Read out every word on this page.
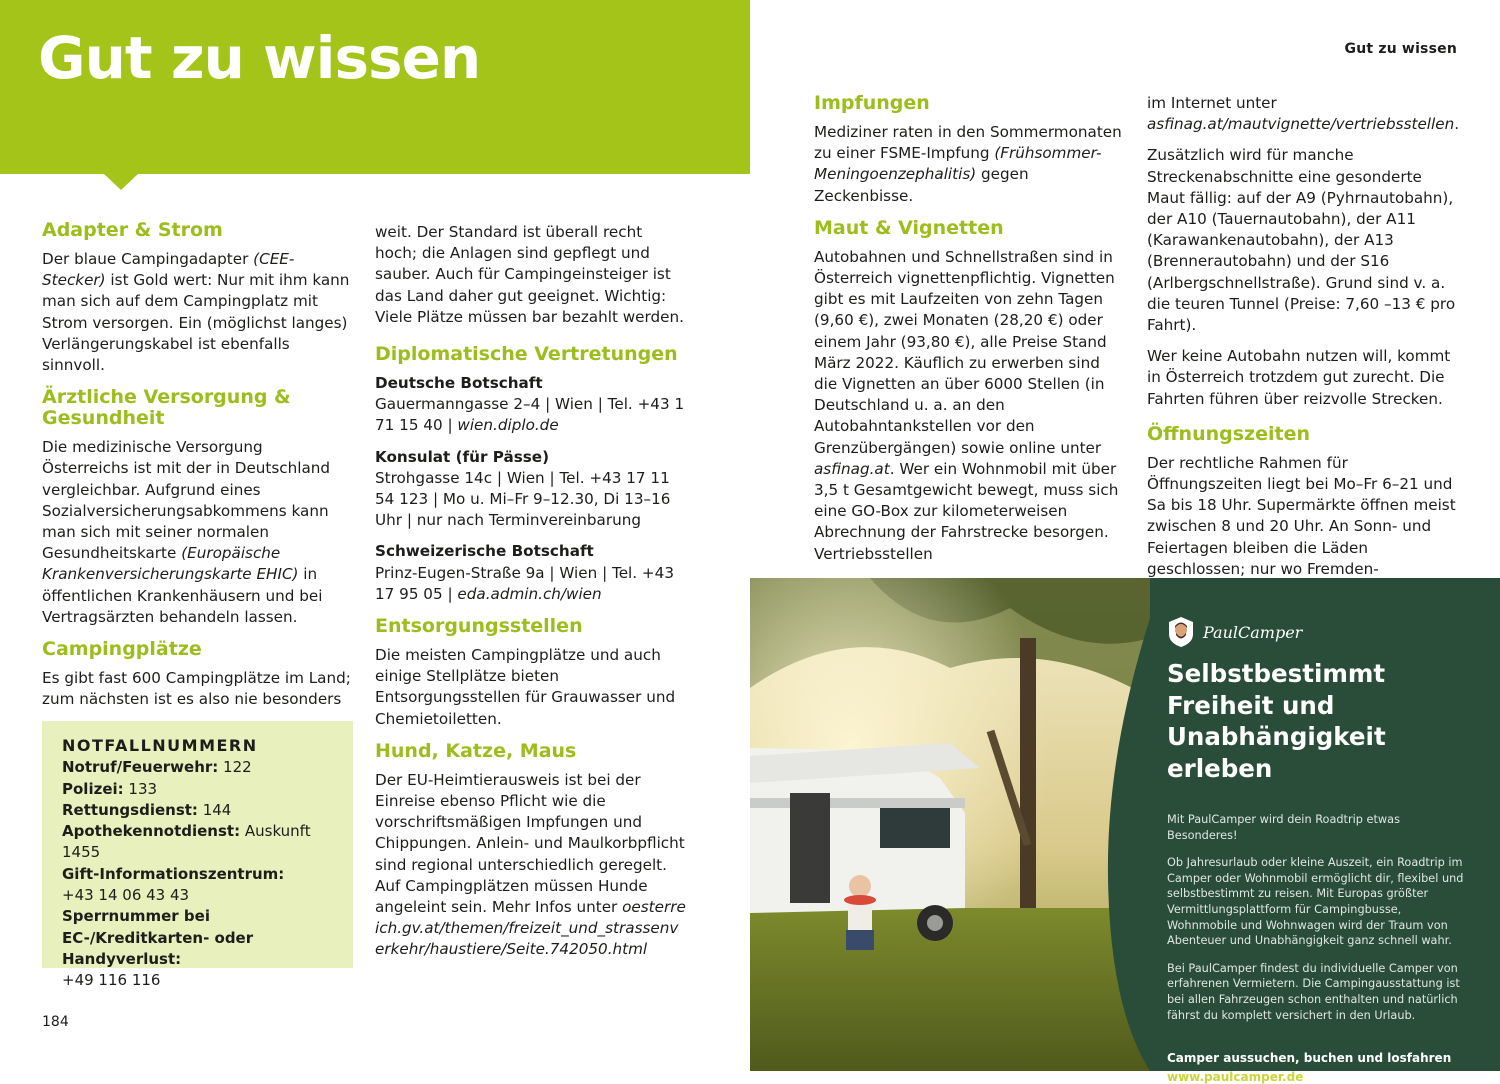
Gut zu wissen	Gut zu wissen
Adapter & Strom

Der blaue Campingadapter (CEE-Stecker) ist Gold wert: Nur mit ihm kann man sich auf dem Campingplatz mit Strom versorgen. Ein (möglichst langes) Verlängerungskabel ist ebenfalls sinnvoll.

Ärztliche Versorgung & Gesundheit

Die medizinische Versorgung Österreichs ist mit der in Deutschland vergleichbar. Aufgrund eines Sozialversicherungsabkommens kann man sich mit seiner normalen Gesundheitskarte (Europäische Krankenversicherungskarte EHIC) in öffentlichen Krankenhäusern und bei Vertragsärzten behandeln lassen.

Campingplätze

Es gibt fast 600 Campingplätze im Land; zum nächsten ist es also nie besonders

NOTFALLNUMMERN
Notruf/Feuerwehr: 122
Polizei: 133
Rettungsdienst: 144
Apothekennotdienst: Auskunft 1455
Gift-Informationszentrum:
+43 14 06 43 43
Sperrnummer bei EC-/Kreditkarten- oder Handyverlust:
+49 116 116

weit. Der Standard ist überall recht hoch; die Anlagen sind gepflegt und sauber. Auch für Campingeinsteiger ist das Land daher gut geeignet. Wichtig: Viele Plätze müssen bar bezahlt werden.

Diplomatische Vertretungen

Deutsche Botschaft
Gauermanngasse 2–4 | Wien | Tel. +43 1 71 15 40 | wien.diplo.de

Konsulat (für Pässe)
Strohgasse 14c | Wien | Tel. +43 17 11 54 123 | Mo u. Mi–Fr 9–12.30, Di 13–16 Uhr | nur nach Terminvereinbarung

Schweizerische Botschaft
Prinz-Eugen-Straße 9a | Wien | Tel. +43 17 95 05 | eda.admin.ch/wien

Entsorgungsstellen

Die meisten Campingplätze und auch einige Stellplätze bieten Entsorgungsstellen für Grauwasser und Chemietoiletten.

Hund, Katze, Maus

Der EU-Heimtierausweis ist bei der Einreise ebenso Pflicht wie die vorschriftsmäßigen Impfungen und Chippungen. Anlein- und Maulkorbpflicht sind regional unterschiedlich geregelt. Auf Campingplätzen müssen Hunde angeleint sein. Mehr Infos unter oesterreich.gv.at/themen/freizeit_und_strassenverkehr/haustiere/Seite.742050.html

Impfungen

Mediziner raten in den Sommermonaten zu einer FSME-Impfung (Frühsommer-Meningoenzephalitis) gegen Zeckenbisse.

Maut & Vignetten

Autobahnen und Schnellstraßen sind in Österreich vignettenpflichtig. Vignetten gibt es mit Laufzeiten von zehn Tagen (9,60 €), zwei Monaten (28,20 €) oder einem Jahr (93,80 €), alle Preise Stand März 2022. Käuflich zu erwerben sind die Vignetten an über 6000 Stellen (in Deutschland u. a. an den Autobahntankstellen vor den Grenzübergängen) sowie online unter asfinag.at. Wer ein Wohnmobil mit über 3,5 t Gesamtgewicht bewegt, muss sich eine GO-Box zur kilometerweisen Abrechnung der Fahrstrecke besorgen. Vertriebsstellen

im Internet unter asfinag.at/mautvignette/vertriebsstellen.

Zusätzlich wird für manche Streckenabschnitte eine gesonderte Maut fällig: auf der A9 (Pyhrnautobahn), der A10 (Tauernautobahn), der A11 (Karawankenautobahn), der A13 (Brennerautobahn) und der S16 (Arlbergschnellstraße). Grund sind v. a. die teuren Tunnel (Preise: 7,60 –13 € pro Fahrt).

Wer keine Autobahn nutzen will, kommt in Österreich trotzdem gut zurecht. Die Fahrten führen über reizvolle Strecken.

Öffnungszeiten

Der rechtliche Rahmen für Öffnungszeiten liegt bei Mo–Fr 6–21 und Sa bis 18 Uhr. Supermärkte öffnen meist zwischen 8 und 20 Uhr. An Sonn- und Feiertagen bleiben die Läden geschlossen; nur wo Fremden-

184
PaulCamper
Selbstbestimmt Freiheit und Unabhängigkeit erleben

Mit PaulCamper wird dein Roadtrip etwas Besonderes!

Ob Jahresurlaub oder kleine Auszeit, ein Roadtrip im Camper oder Wohnmobil ermöglicht dir, flexibel und selbstbestimmt zu reisen. Mit Europas größter Vermittlungsplattform für Campingbusse, Wohnmobile und Wohnwagen wird der Traum von Abenteuer und Unabhängigkeit ganz schnell wahr.

Bei PaulCamper findest du individuelle Camper von erfahrenen Vermietern. Die Campingausstattung ist bei allen Fahrzeugen schon enthalten und natürlich fährst du komplett versichert in den Urlaub.

Camper aussuchen, buchen und losfahren
www.paulcamper.de
